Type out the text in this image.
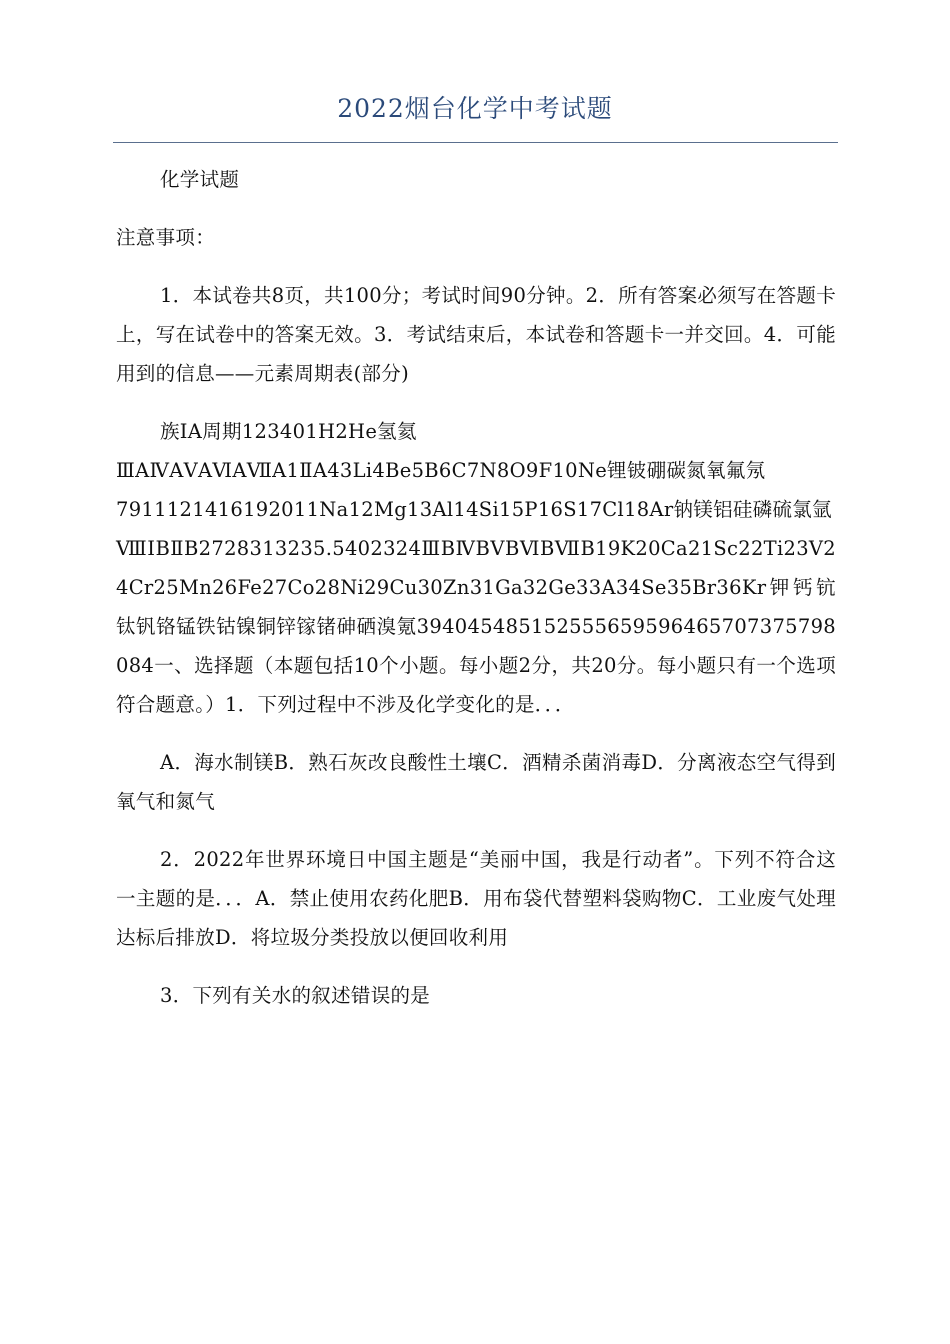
2022烟台化学中考试题

化学试题

注意事项：

1．本试卷共8页，共100分；考试时间90分钟。2．所有答案必须写在答题卡上，写在试卷中的答案无效。3．考试结束后，本试卷和答题卡一并交回。4．可能用到的信息——元素周期表(部分)

族ⅠA周期123401H2He氢氦

ⅢAⅣAⅤAⅥAⅦA1ⅡA43Li4Be5B6C7N8O9F10Ne锂铍硼碳氮氧氟氖

7911121416192011Na12Mg13Al14Si15P16S17Cl18Ar钠镁铝硅磷硫氯氩

ⅧⅠBⅡB2728313235.5402324ⅢBⅣBⅤBⅥBⅦB19K20Ca21Sc22Ti23V24Cr25Mn26Fe27Co28Ni29Cu30Zn31Ga32Ge33A34Se35Br36Kr钾钙钪钛钒铬锰铁钴镍铜锌镓锗砷硒溴氪394045485152555659596465707375798084一、选择题（本题包括10个小题。每小题2分，共20分。每小题只有一个选项符合题意。）1．下列过程中不涉及化学变化的是．．．

A．海水制镁B．熟石灰改良酸性土壤C．酒精杀菌消毒D．分离液态空气得到氧气和氮气

2．2022年世界环境日中国主题是“美丽中国，我是行动者”。下列不符合这一主题的是．．．A．禁止使用农药化肥B．用布袋代替塑料袋购物C．工业废气处理达标后排放D．将垃圾分类投放以便回收利用

3．下列有关水的叙述错误的是
